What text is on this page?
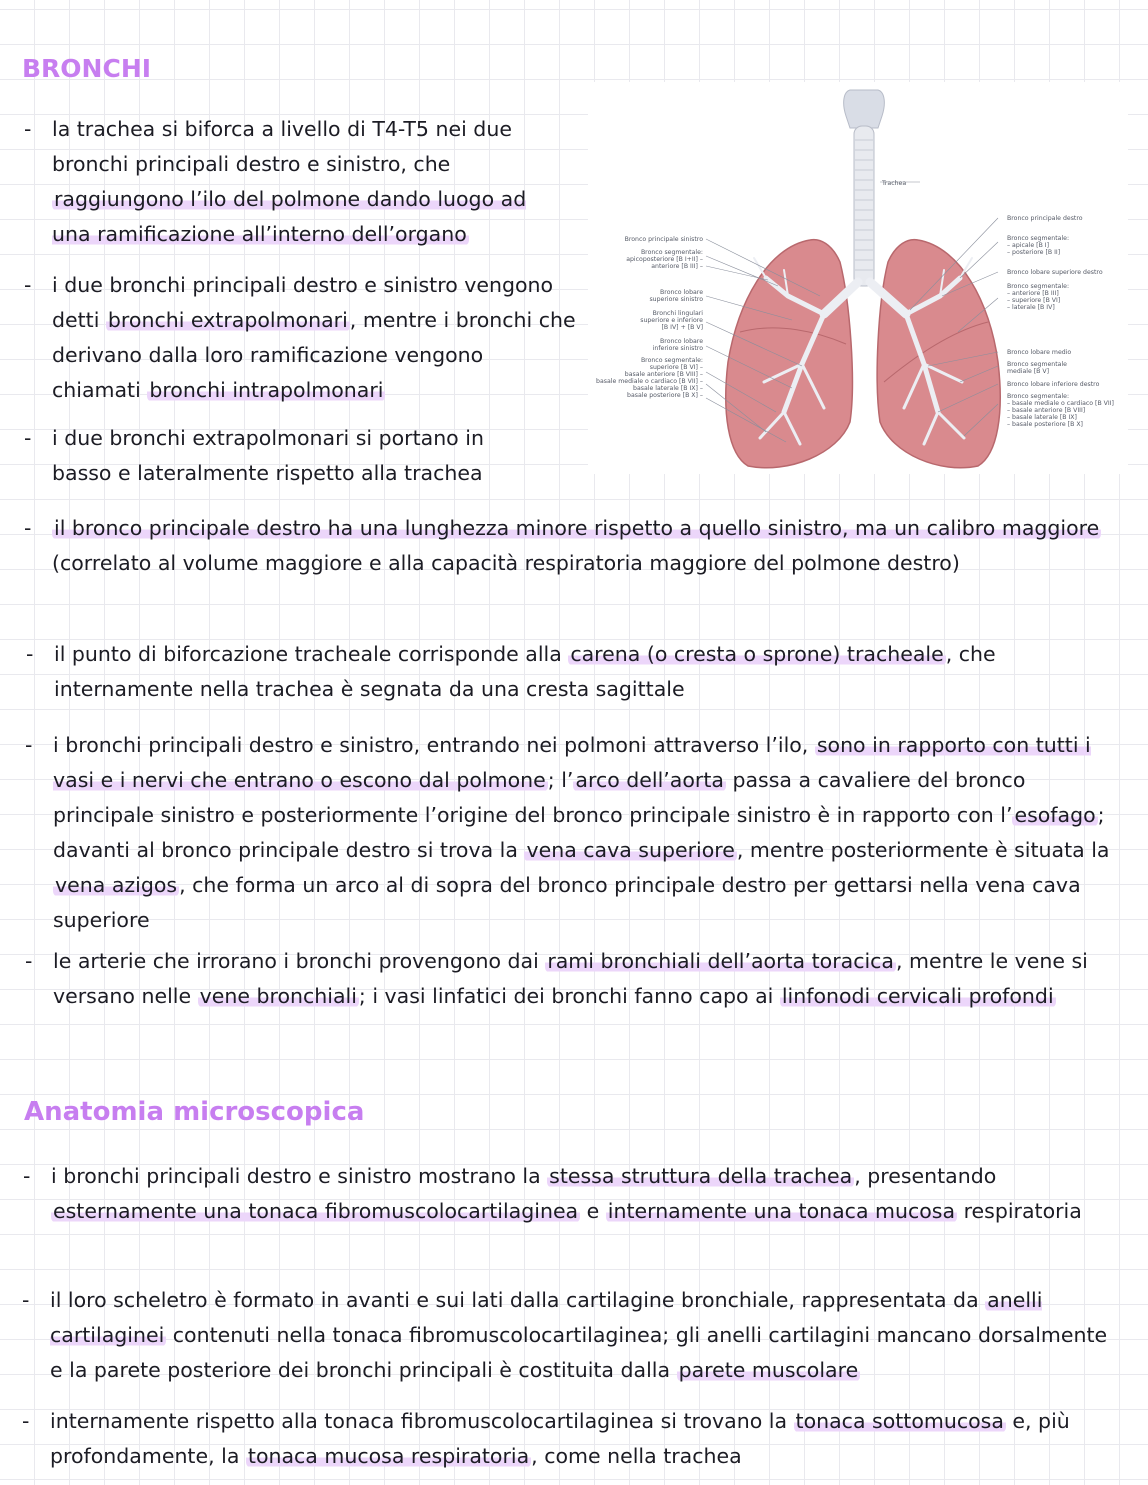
BRONCHI
Trachea
Bronco principale sinistro
Bronco segmentale:
apicoposteriore [B I+II] –
anteriore [B III] –
Bronco lobare
superiore sinistro
Bronchi lingulari
superiore e inferiore
[B IV] + [B V]
Bronco lobare
inferiore sinistro
Bronco segmentale:
superiore [B VI] –
basale anteriore [B VIII] –
basale mediale o cardiaco [B VII] –
basale laterale [B IX] –
basale posteriore [B X] –
Bronco principale destro
Bronco segmentale:
– apicale [B I]
– posteriore [B II]
Bronco lobare superiore destro
Bronco segmentale:
– anteriore [B III]
– superiore [B VI]
– laterale [B IV]
Bronco lobare medio
Bronco segmentale
mediale [B V]
Bronco lobare inferiore destro
Bronco segmentale:
– basale mediale o cardiaco [B VII]
– basale anteriore [B VIII]
– basale laterale [B IX]
– basale posteriore [B X]

- la trachea si biforca a livello di T4-T5 nei due bronchi principali destro e sinistro, che raggiungono l’ilo del polmone dando luogo ad una ramificazione all’interno dell’organo

- i due bronchi principali destro e sinistro vengono detti bronchi extrapolmonari, mentre i bronchi che derivano dalla loro ramificazione vengono chiamati bronchi intrapolmonari

- i due bronchi extrapolmonari si portano in basso e lateralmente rispetto alla trachea

- il bronco principale destro ha una lunghezza minore rispetto a quello sinistro, ma un calibro maggiore (correlato al volume maggiore e alla capacità respiratoria maggiore del polmone destro)

- il punto di biforcazione tracheale corrisponde alla carena (o cresta o sprone) tracheale, che internamente nella trachea è segnata da una cresta sagittale

- i bronchi principali destro e sinistro, entrando nei polmoni attraverso l’ilo, sono in rapporto con tutti i vasi e i nervi che entrano o escono dal polmone; l’arco dell’aorta passa a cavaliere del bronco principale sinistro e posteriormente l’origine del bronco principale sinistro è in rapporto con l’esofago; davanti al bronco principale destro si trova la vena cava superiore, mentre posteriormente è situata la vena azigos, che forma un arco al di sopra del bronco principale destro per gettarsi nella vena cava superiore

- le arterie che irrorano i bronchi provengono dai rami bronchiali dell’aorta toracica, mentre le vene si versano nelle vene bronchiali; i vasi linfatici dei bronchi fanno capo ai linfonodi cervicali profondi

Anatomia microscopica

- i bronchi principali destro e sinistro mostrano la stessa struttura della trachea, presentando esternamente una tonaca fibromuscolocartilaginea e internamente una tonaca mucosa respiratoria

- il loro scheletro è formato in avanti e sui lati dalla cartilagine bronchiale, rappresentata da anelli cartilaginei contenuti nella tonaca fibromuscolocartilaginea; gli anelli cartilagini mancano dorsalmente e la parete posteriore dei bronchi principali è costituita dalla parete muscolare

- internamente rispetto alla tonaca fibromuscolocartilaginea si trovano la tonaca sottomucosa e, più profondamente, la tonaca mucosa respiratoria, come nella trachea
